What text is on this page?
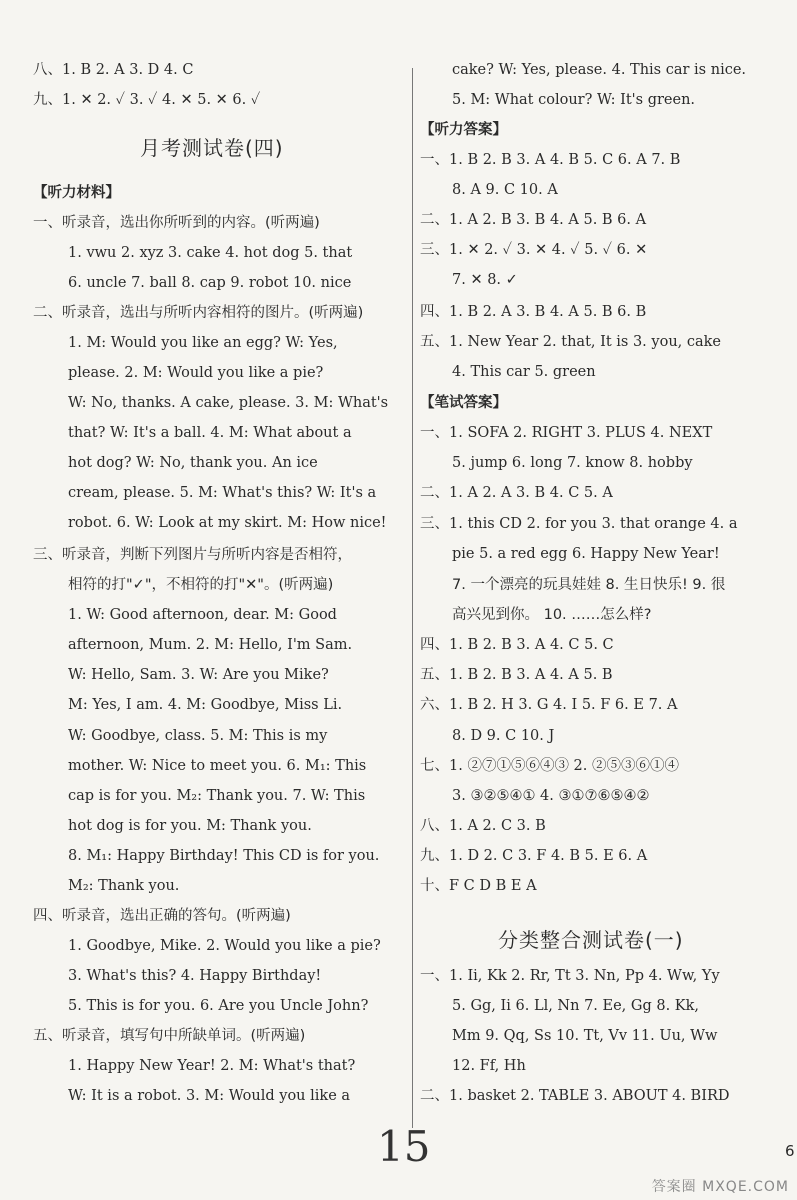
月考测试卷(四)
分类整合测试卷(一)
15	6
答案圈 MXQE.COM
八、1. B 2. A 3. D 4. C
九、1. ✕ 2. ✓ 3. ✓ 4. ✕ 5. ✕ 6. ✓
【听力材料】
一、听录音，选出你所听到的内容。(听两遍)
1. vwu 2. xyz 3. cake 4. hot dog 5. that
6. uncle 7. ball 8. cap 9. robot 10. nice
二、听录音，选出与所听内容相符的图片。(听两遍)
1. M: Would you like an egg? W: Yes,
please. 2. M: Would you like a pie?
W: No, thanks. A cake, please. 3. M: What's
that? W: It's a ball. 4. M: What about a
hot dog? W: No, thank you. An ice
cream, please. 5. M: What's this? W: It's a
robot. 6. W: Look at my skirt. M: How nice!
三、听录音，判断下列图片与所听内容是否相符，
相符的打"✓"，不相符的打"✕"。(听两遍)
1. W: Good afternoon, dear. M: Good
afternoon, Mum. 2. M: Hello, I'm Sam.
W: Hello, Sam. 3. W: Are you Mike?
M: Yes, I am. 4. M: Goodbye, Miss Li.
W: Goodbye, class. 5. M: This is my
mother. W: Nice to meet you. 6. M₁: This
cap is for you. M₂: Thank you. 7. W: This
hot dog is for you. M: Thank you.
8. M₁: Happy Birthday! This CD is for you.
M₂: Thank you.
四、听录音，选出正确的答句。(听两遍)
1. Goodbye, Mike. 2. Would you like a pie?
3. What's this? 4. Happy Birthday!
5. This is for you. 6. Are you Uncle John?
五、听录音，填写句中所缺单词。(听两遍)
1. Happy New Year! 2. M: What's that?
W: It is a robot. 3. M: Would you like a
cake? W: Yes, please. 4. This car is nice.
5. M: What colour? W: It's green.
【听力答案】
一、1. B 2. B 3. A 4. B 5. C 6. A 7. B
8. A 9. C 10. A
二、1. A 2. B 3. B 4. A 5. B 6. A
三、1. ✕ 2. ✓ 3. ✕ 4. ✓ 5. ✓ 6. ✕
7. ✕ 8. ✓
四、1. B 2. A 3. B 4. A 5. B 6. B
五、1. New Year 2. that, It is 3. you, cake
4. This car 5. green
【笔试答案】
一、1. SOFA 2. RIGHT 3. PLUS 4. NEXT
5. jump 6. long 7. know 8. hobby
二、1. A 2. A 3. B 4. C 5. A
三、1. this CD 2. for you 3. that orange 4. a
pie 5. a red egg 6. Happy New Year!
7. 一个漂亮的玩具娃娃 8. 生日快乐! 9. 很
高兴见到你。 10. ……怎么样?
四、1. B 2. B 3. A 4. C 5. C
五、1. B 2. B 3. A 4. A 5. B
六、1. B 2. H 3. G 4. I 5. F 6. E 7. A
8. D 9. C 10. J
七、1. ②⑦①⑤⑥④③ 2. ②⑤③⑥①④
3. ③②⑤④① 4. ③①⑦⑥⑤④②
八、1. A 2. C 3. B
九、1. D 2. C 3. F 4. B 5. E 6. A
十、F C D B E A
一、1. Ii, Kk 2. Rr, Tt 3. Nn, Pp 4. Ww, Yy
5. Gg, Ii 6. Ll, Nn 7. Ee, Gg 8. Kk,
Mm 9. Qq, Ss 10. Tt, Vv 11. Uu, Ww
12. Ff, Hh
二、1. basket 2. TABLE 3. ABOUT 4. BIRD
